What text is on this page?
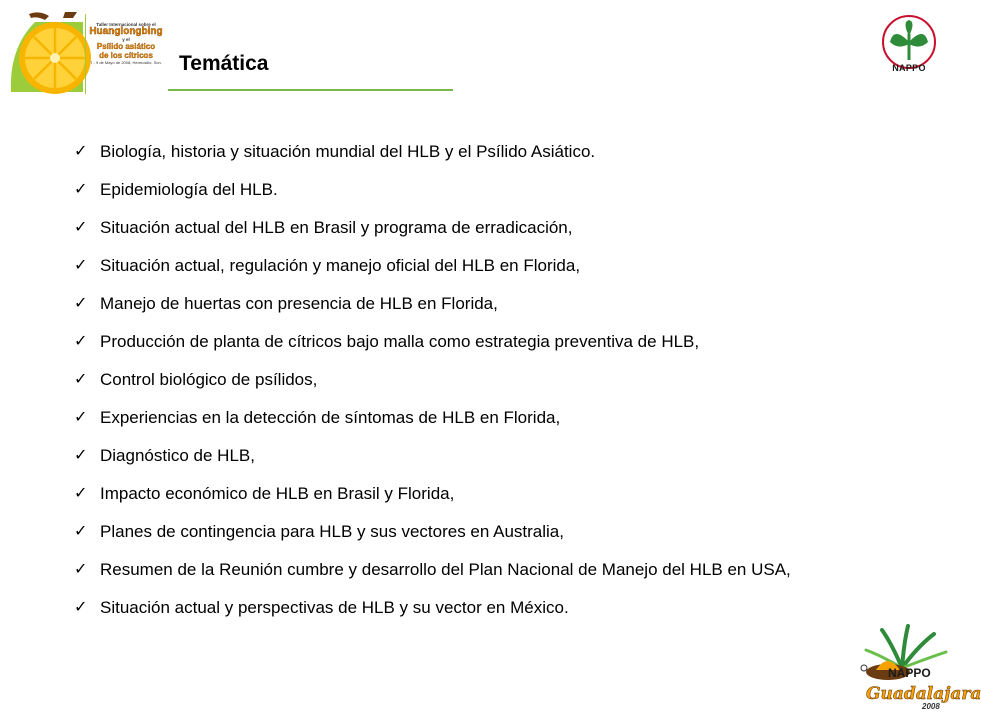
Taller Internacional sobre el
Huanglongbing
y el
Psílido asiático
de los cítricos
7 - 9 de Mayo de 2008, Hermosillo, Son. Temática	NAPPO
✓ Biología, historia y situación mundial del HLB y el Psílido Asiático.
✓ Epidemiología del HLB.
✓ Situación actual del HLB en Brasil y programa de erradicación,
✓ Situación actual, regulación y manejo oficial del HLB en Florida,
✓ Manejo de huertas con presencia de HLB en Florida,
✓ Producción de planta de cítricos bajo malla como estrategia preventiva de HLB,
✓ Control biológico de psílidos,
✓ Experiencias en la detección de síntomas de HLB en Florida,
✓ Diagnóstico de HLB,
✓ Impacto económico de HLB en Brasil y Florida,
✓ Planes de contingencia para HLB y sus vectores en Australia,
✓ Resumen de la Reunión cumbre y desarrollo del Plan Nacional de Manejo del HLB en USA,
✓ Situación actual y perspectivas de HLB y su vector en México.
NAPPO
Guadalajara
2008
